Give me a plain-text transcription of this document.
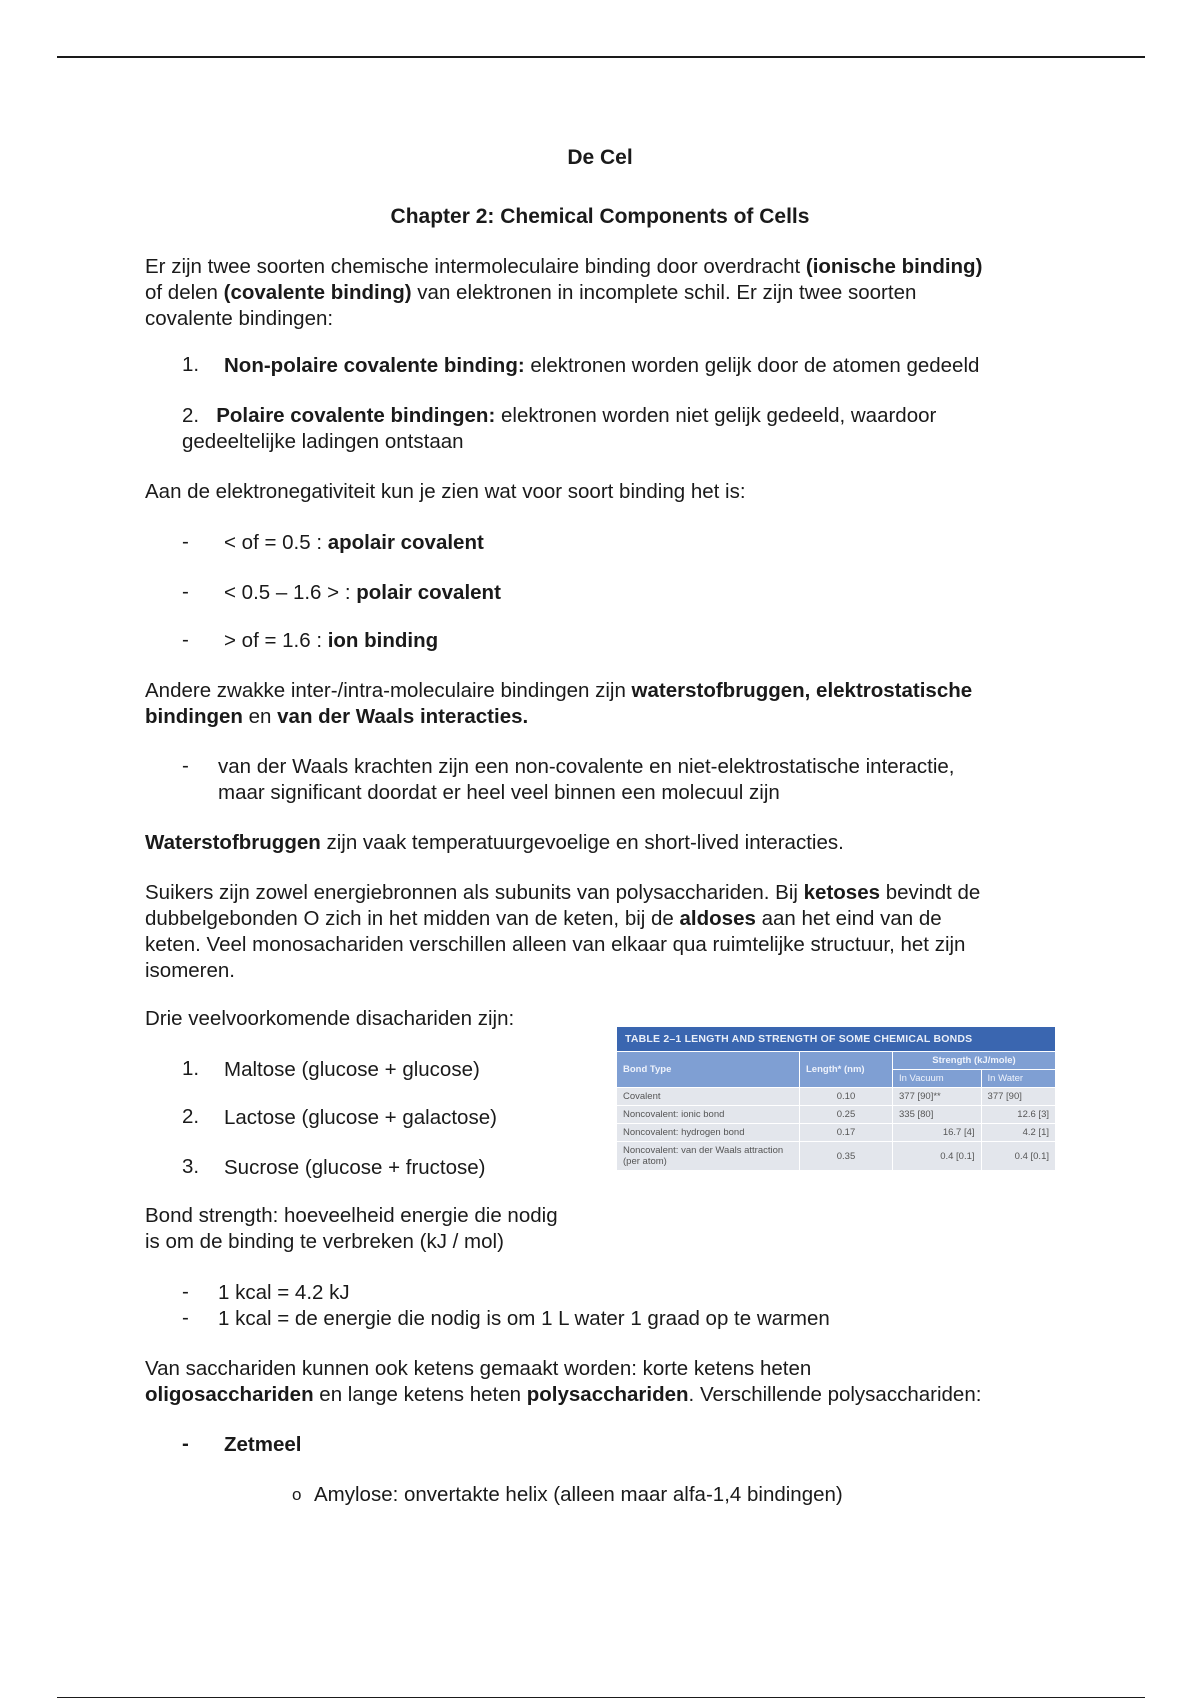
De Cel
Chapter 2: Chemical Components of Cells
Er zijn twee soorten chemische intermoleculaire binding door overdracht (ionische binding)
of delen (covalente binding) van elektronen in incomplete schil. Er zijn twee soorten
covalente bindingen:
1. Non-polaire covalente binding: elektronen worden gelijk door de atomen gedeeld
2. Polaire covalente bindingen: elektronen worden niet gelijk gedeeld, waardoor
gedeeltelijke ladingen ontstaan
Aan de elektronegativiteit kun je zien wat voor soort binding het is:
- < of = 0.5 : apolair covalent
- < 0.5 – 1.6 > : polair covalent
- > of = 1.6 : ion binding
Andere zwakke inter-/intra-moleculaire bindingen zijn waterstofbruggen, elektrostatische
bindingen en van der Waals interacties.
- van der Waals krachten zijn een non-covalente en niet-elektrostatische interactie,
maar significant doordat er heel veel binnen een molecuul zijn
Waterstofbruggen zijn vaak temperatuurgevoelige en short-lived interacties.
Suikers zijn zowel energiebronnen als subunits van polysacchariden. Bij ketoses bevindt de
dubbelgebonden O zich in het midden van de keten, bij de aldoses aan het eind van de
keten. Veel monosachariden verschillen alleen van elkaar qua ruimtelijke structuur, het zijn
isomeren.
Drie veelvoorkomende disachariden zijn:
1. Maltose (glucose + glucose)
2. Lactose (glucose + galactose)
3. Sucrose (glucose + fructose)
Bond strength: hoeveelheid energie die nodig
is om de binding te verbreken (kJ / mol)
TABLE 2–1 LENGTH AND STRENGTH OF SOME CHEMICAL BONDS			
Bond Type	Length* (nm)	Strength (kJ/mole)	
		In Vacuum	In Water
Covalent	0.10	377 [90]**	377 [90]
Noncovalent: ionic bond	0.25	335 [80]	12.6 [3]
Noncovalent: hydrogen bond	0.17	16.7 [4]	4.2 [1]
Noncovalent: van der Waals attraction (per atom)	0.35	0.4 [0.1]	0.4 [0.1]
- 1 kcal = 4.2 kJ
- 1 kcal = de energie die nodig is om 1 L water 1 graad op te warmen
Van sacchariden kunnen ook ketens gemaakt worden: korte ketens heten
oligosacchariden en lange ketens heten polysacchariden. Verschillende polysacchariden:
- Zetmeel
o Amylose: onvertakte helix (alleen maar alfa-1,4 bindingen)
